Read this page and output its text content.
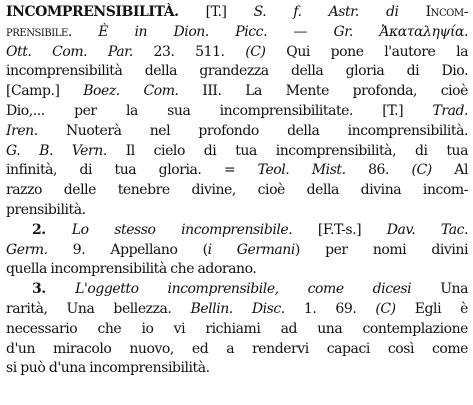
INCOMPRENSIBILITÀ. [T.] S. f. Astr. di Incom-
prensibile. È in Dion. Picc. — Gr. Ἀκαταληψία.
Ott. Com. Par. 23. 511. (C) Qui pone l'autore la
incomprensibilità della grandezza della gloria di Dio.
[Camp.] Boez. Com. III. La Mente profonda, cioè
Dio,... per la sua incomprensibilitate. [T.] Trad.
Iren. Nuoterà nel profondo della incomprensibilità.
G. B. Vern. Il cielo di tua incomprensibilità, di tua
infinità, di tua gloria. = Teol. Mist. 86. (C) Al
razzo delle tenebre divine, cioè della divina incom-
prensibilità.
2. Lo stesso incomprensibile. [F.T-s.] Dav. Tac.
Germ. 9. Appellano (i Germani) per nomi divini
quella incomprensibilità che adorano.
3. L'oggetto incomprensibile, come dicesi Una
rarità, Una bellezza. Bellin. Disc. 1. 69. (C) Egli è
necessario che io vi richiami ad una contemplazione
d'un miracolo nuovo, ed a rendervi capaci così come
si può d'una incomprensibilità.
